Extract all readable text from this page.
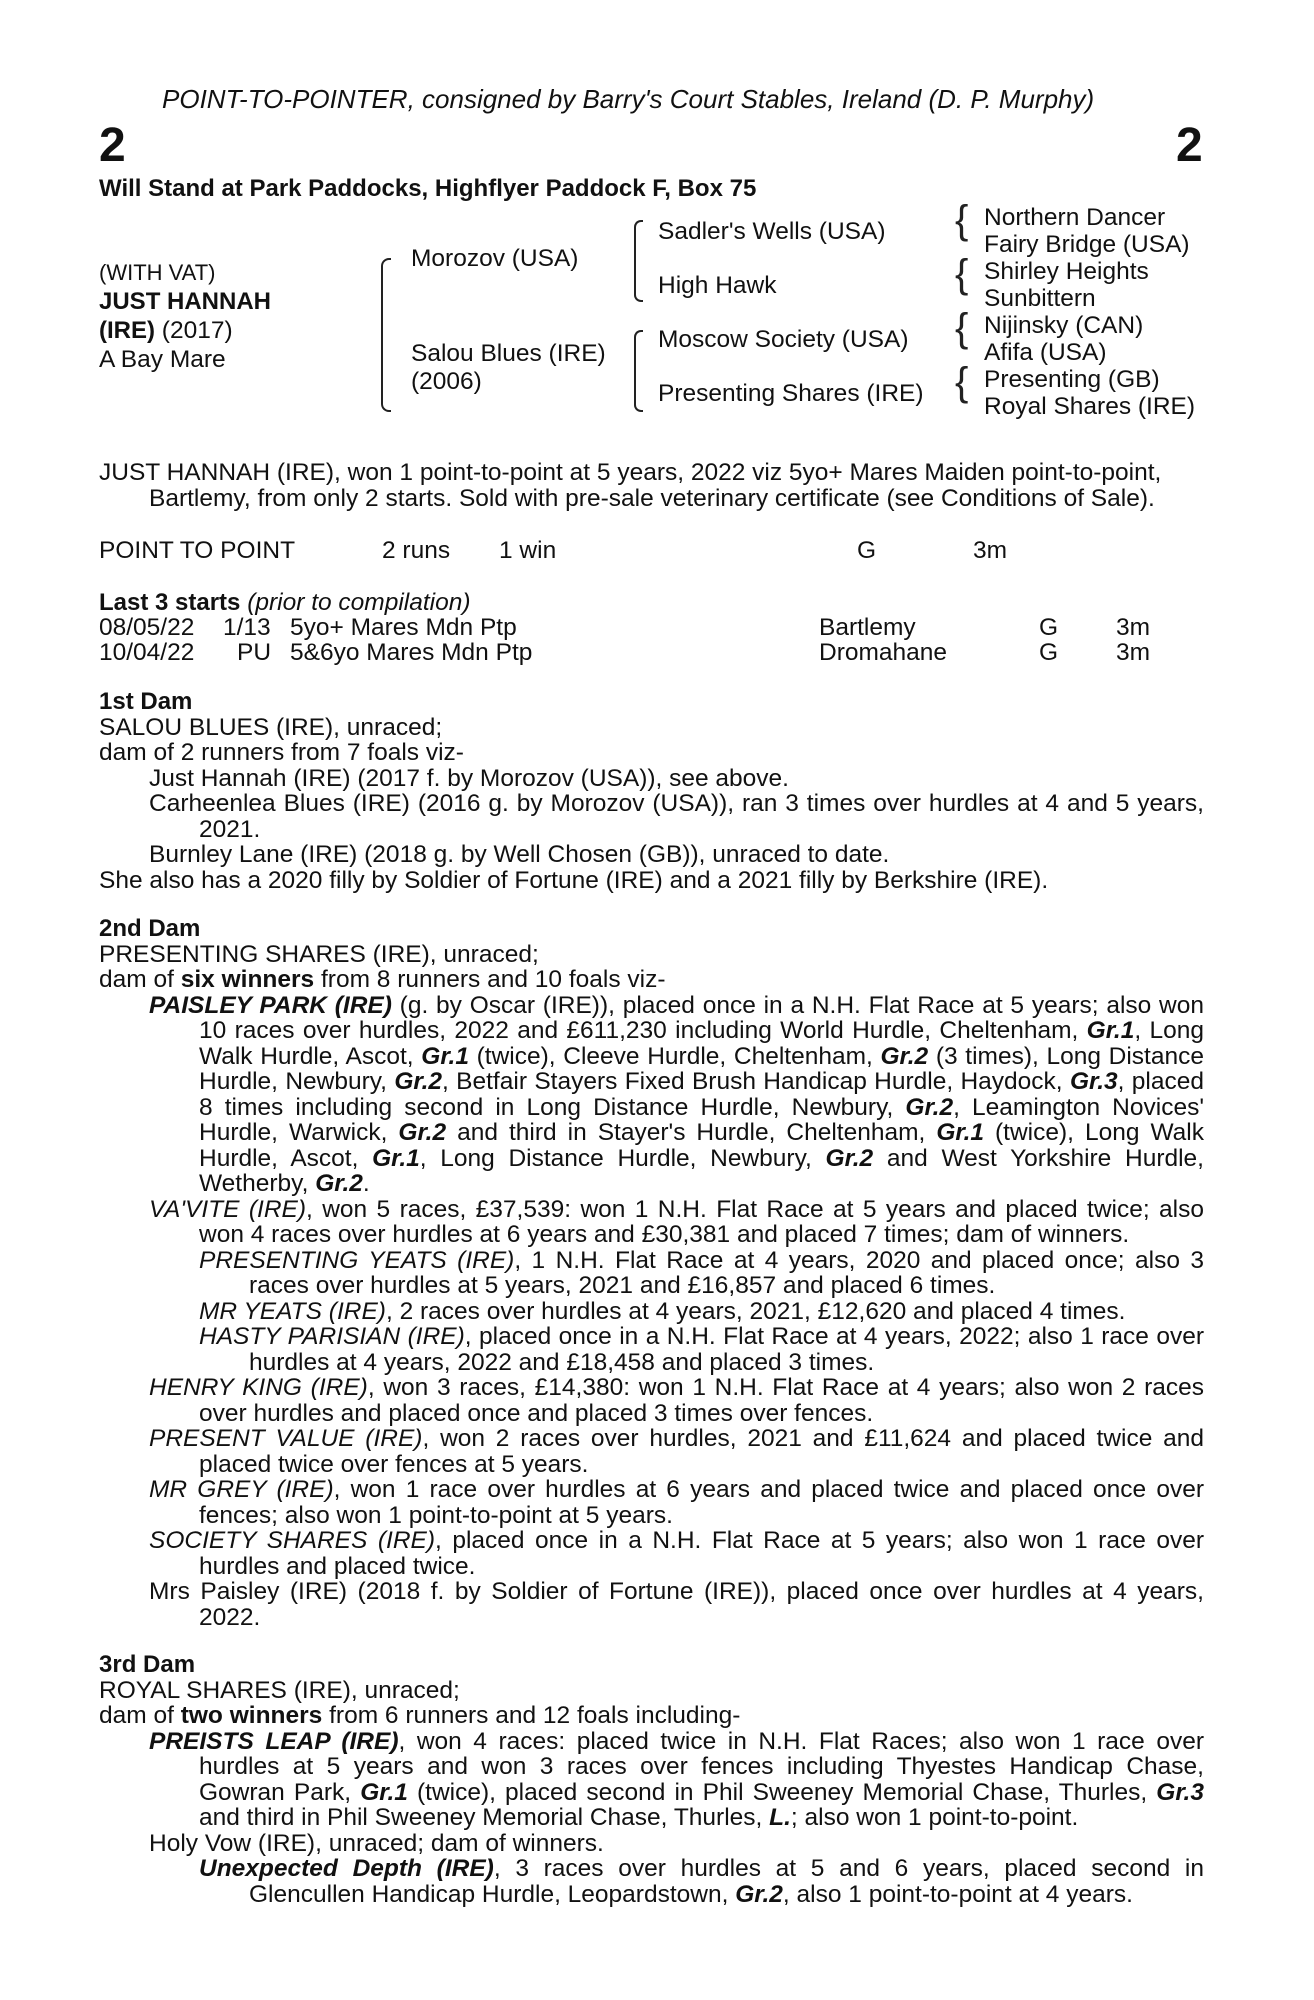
POINT-TO-POINTER, consigned by Barry's Court Stables, Ireland (D. P. Murphy)
2	2
Will Stand at Park Paddocks, Highflyer Paddock F, Box 75
(WITH VAT)
JUST HANNAH
(IRE) (2017)
A Bay Mare
Morozov (USA)
Salou Blues (IRE)
(2006)
Sadler's Wells (USA)
High Hawk
Moscow Society (USA)
Presenting Shares (IRE)
{ Northern Dancer
Fairy Bridge (USA)
{ Shirley Heights
Sunbittern
{ Nijinsky (CAN)
Afifa (USA)
{ Presenting (GB)
Royal Shares (IRE)
JUST HANNAH (IRE), won 1 point-to-point at 5 years, 2022 viz 5yo+ Mares Maiden point-to-point,
Bartlemy, from only 2 starts. Sold with pre-sale veterinary certificate (see Conditions of Sale).
POINT TO POINT	2 runs 1 win	G	3m
Last 3 starts (prior to compilation)
08/05/22 1/13 5yo+ Mares Mdn Ptp	Bartlemy	G 3m
10/04/22 PU 5&6yo Mares Mdn Ptp	Dromahane	G 3m

1st Dam

SALOU BLUES (IRE), unraced;

dam of 2 runners from 7 foals viz-

Just Hannah (IRE) (2017 f. by Morozov (USA)), see above.

Carheenlea Blues (IRE) (2016 g. by Morozov (USA)), ran 3 times over hurdles at 4 and 5 years, 2021.

Burnley Lane (IRE) (2018 g. by Well Chosen (GB)), unraced to date.

She also has a 2020 filly by Soldier of Fortune (IRE) and a 2021 filly by Berkshire (IRE).

2nd Dam

PRESENTING SHARES (IRE), unraced;

dam of six winners from 8 runners and 10 foals viz-

PAISLEY PARK (IRE) (g. by Oscar (IRE)), placed once in a N.H. Flat Race at 5 years; also won 10 races over hurdles, 2022 and £611,230 including World Hurdle, Cheltenham, Gr.1, Long Walk Hurdle, Ascot, Gr.1 (twice), Cleeve Hurdle, Cheltenham, Gr.2 (3 times), Long Distance Hurdle, Newbury, Gr.2, Betfair Stayers Fixed Brush Handicap Hurdle, Haydock, Gr.3, placed 8 times including second in Long Distance Hurdle, Newbury, Gr.2, Leamington Novices' Hurdle, Warwick, Gr.2 and third in Stayer's Hurdle, Cheltenham, Gr.1 (twice), Long Walk Hurdle, Ascot, Gr.1, Long Distance Hurdle, Newbury, Gr.2 and West Yorkshire Hurdle, Wetherby, Gr.2.

VA'VITE (IRE), won 5 races, £37,539: won 1 N.H. Flat Race at 5 years and placed twice; also won 4 races over hurdles at 6 years and £30,381 and placed 7 times; dam of winners.

PRESENTING YEATS (IRE), 1 N.H. Flat Race at 4 years, 2020 and placed once; also 3 races over hurdles at 5 years, 2021 and £16,857 and placed 6 times.

MR YEATS (IRE), 2 races over hurdles at 4 years, 2021, £12,620 and placed 4 times.

HASTY PARISIAN (IRE), placed once in a N.H. Flat Race at 4 years, 2022; also 1 race over hurdles at 4 years, 2022 and £18,458 and placed 3 times.

HENRY KING (IRE), won 3 races, £14,380: won 1 N.H. Flat Race at 4 years; also won 2 races over hurdles and placed once and placed 3 times over fences.

PRESENT VALUE (IRE), won 2 races over hurdles, 2021 and £11,624 and placed twice and placed twice over fences at 5 years.

MR GREY (IRE), won 1 race over hurdles at 6 years and placed twice and placed once over fences; also won 1 point-to-point at 5 years.

SOCIETY SHARES (IRE), placed once in a N.H. Flat Race at 5 years; also won 1 race over hurdles and placed twice.

Mrs Paisley (IRE) (2018 f. by Soldier of Fortune (IRE)), placed once over hurdles at 4 years, 2022.

3rd Dam

ROYAL SHARES (IRE), unraced;

dam of two winners from 6 runners and 12 foals including-

PREISTS LEAP (IRE), won 4 races: placed twice in N.H. Flat Races; also won 1 race over hurdles at 5 years and won 3 races over fences including Thyestes Handicap Chase, Gowran Park, Gr.1 (twice), placed second in Phil Sweeney Memorial Chase, Thurles, Gr.3 and third in Phil Sweeney Memorial Chase, Thurles, L.; also won 1 point-to-point.

Holy Vow (IRE), unraced; dam of winners.

Unexpected Depth (IRE), 3 races over hurdles at 5 and 6 years, placed second in Glencullen Handicap Hurdle, Leopardstown, Gr.2, also 1 point-to-point at 4 years.
